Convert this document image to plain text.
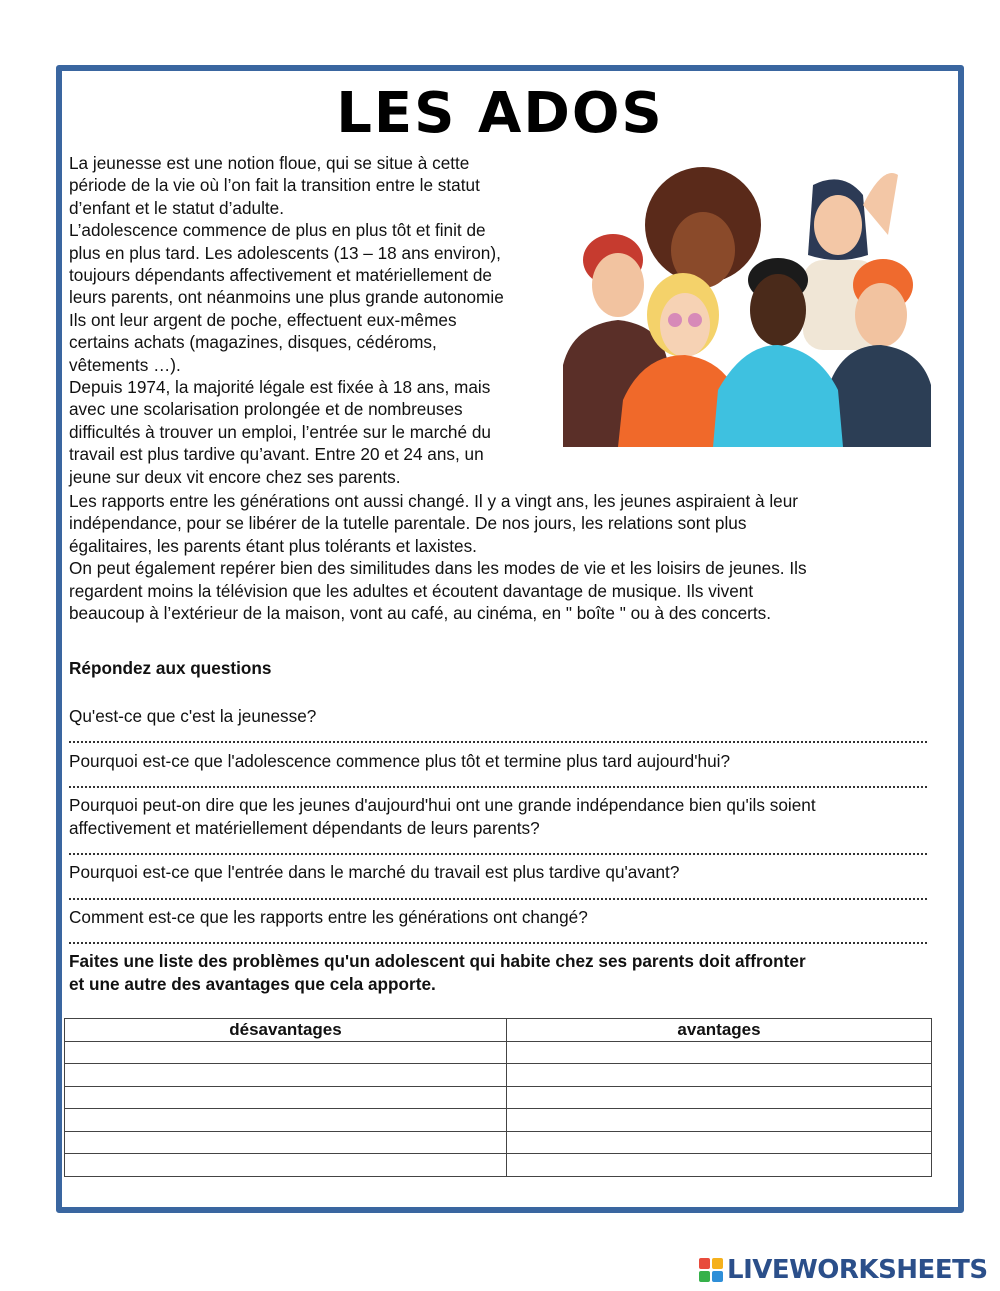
LES ADOS
La jeunesse est une notion floue, qui se situe à cette
période de la vie où l’on fait la transition entre le statut
d’enfant et le statut d’adulte.
L’adolescence commence de plus en plus tôt et finit de
plus en plus tard. Les adolescents (13 – 18 ans environ),
toujours dépendants affectivement et matériellement de
leurs parents, ont néanmoins une plus grande autonomie
Ils ont leur argent de poche, effectuent eux-mêmes
certains achats (magazines, disques, cédéroms,
vêtements …).
Depuis 1974, la majorité légale est fixée à 18 ans, mais
avec une scolarisation prolongée et de nombreuses
difficultés à trouver un emploi, l’entrée sur le marché du
travail est plus tardive qu’avant. Entre 20 et 24 ans, un
jeune sur deux vit encore chez ses parents.
Les rapports entre les générations ont aussi changé. Il y a vingt ans, les jeunes aspiraient à leur
indépendance, pour se libérer de la tutelle parentale. De nos jours, les relations sont plus
égalitaires, les parents étant plus tolérants et laxistes.
On peut également repérer bien des similitudes dans les modes de vie et les loisirs de jeunes. Ils
regardent moins la télévision que les adultes et écoutent davantage de musique. Ils vivent
beaucoup à l’extérieur de la maison, vont au café, au cinéma, en " boîte " ou à des concerts.

Répondez aux questions

Qu'est-ce que c'est la jeunesse?

Pourquoi est-ce que l'adolescence commence plus tôt et termine plus tard aujourd'hui?

Pourquoi peut-on dire que les jeunes d'aujourd'hui ont une grande indépendance bien qu'ils soient

affectivement et matériellement dépendants de leurs parents?

Pourquoi est-ce que l'entrée dans le marché du travail est plus tardive qu'avant?

Comment est-ce que les rapports entre les générations ont changé?

Faites une liste des problèmes qu'un adolescent qui habite chez ses parents doit affronter
et une autre des avantages que cela apporte.
désavantages	avantages

LIVEWORKSHEETS
